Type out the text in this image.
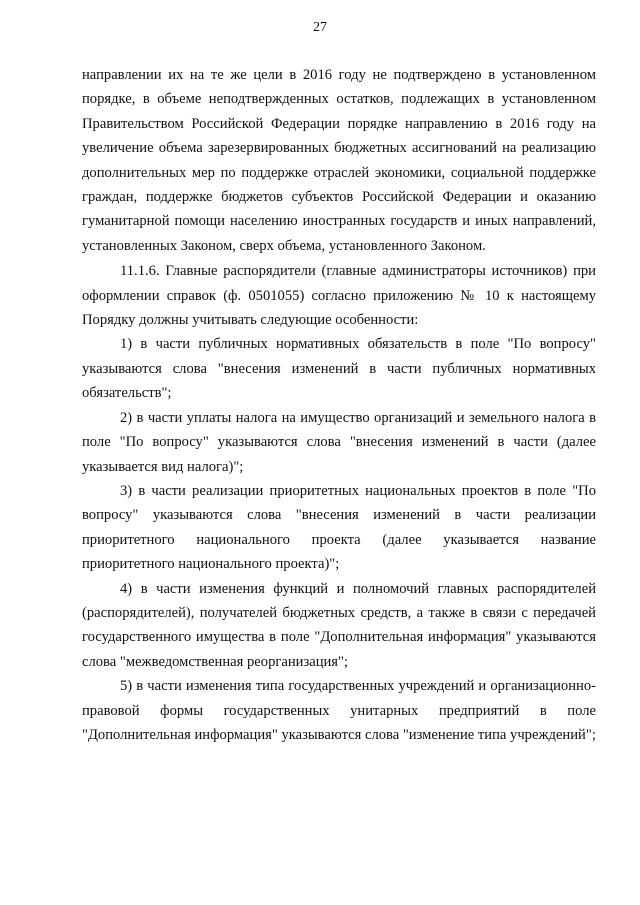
27

направлении их на те же цели в 2016 году не подтверждено в установленном порядке, в объеме неподтвержденных остатков, подлежащих в установленном Правительством Российской Федерации порядке направлению в 2016 году на увеличение объема зарезервированных бюджетных ассигнований на реализацию дополнительных мер по поддержке отраслей экономики, социальной поддержке граждан, поддержке бюджетов субъектов Российской Федерации и оказанию гуманитарной помощи населению иностранных государств и иных направлений, установленных Законом, сверх объема, установленного Законом.

11.1.6. Главные распорядители (главные администраторы источников) при оформлении справок (ф. 0501055) согласно приложению № 10 к настоящему Порядку должны учитывать следующие особенности:

1) в части публичных нормативных обязательств в поле "По вопросу" указываются слова "внесения изменений в части публичных нормативных обязательств";

2) в части уплаты налога на имущество организаций и земельного налога в поле "По вопросу" указываются слова "внесения изменений в части (далее указывается вид налога)";

3) в части реализации приоритетных национальных проектов в поле "По вопросу" указываются слова "внесения изменений в части реализации приоритетного национального проекта (далее указывается название приоритетного национального проекта)";

4) в части изменения функций и полномочий главных распорядителей (распорядителей), получателей бюджетных средств, а также в связи с передачей государственного имущества в поле "Дополнительная информация" указываются слова "межведомственная реорганизация";

5) в части изменения типа государственных учреждений и организационно-правовой формы государственных унитарных предприятий в поле "Дополнительная информация" указываются слова "изменение типа учреждений";
